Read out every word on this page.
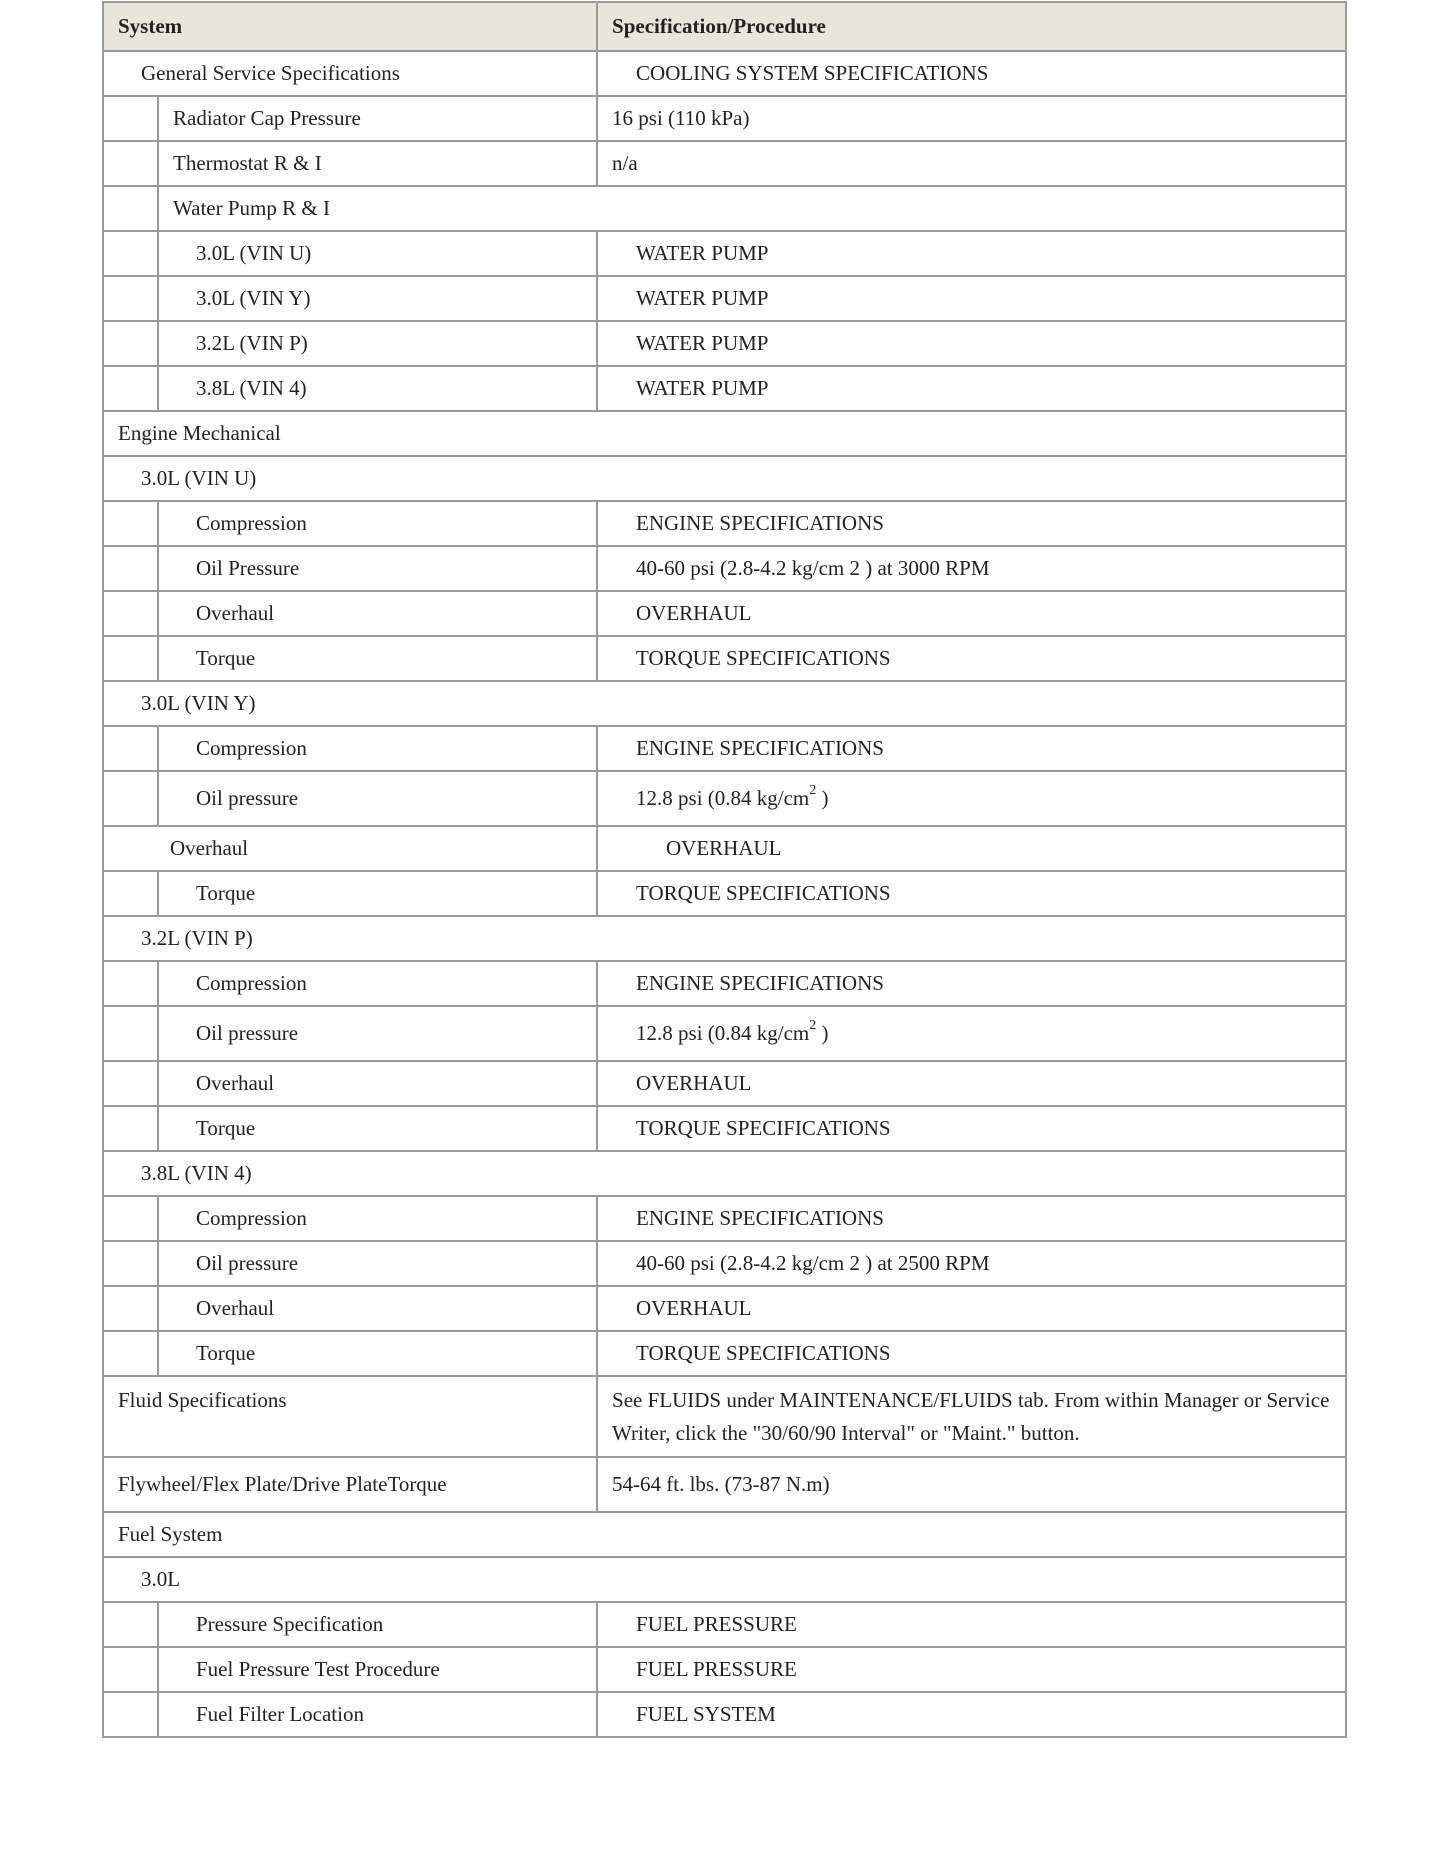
System		Specification/Procedure
General Service Specifications		COOLING SYSTEM SPECIFICATIONS
	Radiator Cap Pressure	16 psi (110 kPa)
	Thermostat R & I	n/a
	Water Pump R & I	
	3.0L (VIN U)	WATER PUMP
	3.0L (VIN Y)	WATER PUMP
	3.2L (VIN P)	WATER PUMP
	3.8L (VIN 4)	WATER PUMP
Engine Mechanical		
3.0L (VIN U)		
	Compression	ENGINE SPECIFICATIONS
	Oil Pressure	40-60 psi (2.8-4.2 kg/cm 2 ) at 3000 RPM
	Overhaul	OVERHAUL
	Torque	TORQUE SPECIFICATIONS
3.0L (VIN Y)		
	Compression	ENGINE SPECIFICATIONS
	Oil pressure	12.8 psi (0.84 $kg/cm^2$ )
Overhaul		OVERHAUL
	Torque	TORQUE SPECIFICATIONS
3.2L (VIN P)		
	Compression	ENGINE SPECIFICATIONS
	Oil pressure	12.8 psi (0.84 $kg/cm^2$ )
	Overhaul	OVERHAUL
	Torque	TORQUE SPECIFICATIONS
3.8L (VIN 4)		
	Compression	ENGINE SPECIFICATIONS
	Oil pressure	40-60 psi (2.8-4.2 kg/cm 2 ) at 2500 RPM
	Overhaul	OVERHAUL
	Torque	TORQUE SPECIFICATIONS
Fluid Specifications		See FLUIDS under MAINTENANCE/FLUIDS tab. From within Manager or Service Writer, click the "30/60/90 Interval" or "Maint." button.
Flywheel/Flex Plate/Drive PlateTorque		54-64 ft. lbs. (73-87 N.m)
Fuel System		
3.0L		
	Pressure Specification	FUEL PRESSURE
	Fuel Pressure Test Procedure	FUEL PRESSURE
	Fuel Filter Location	FUEL SYSTEM
